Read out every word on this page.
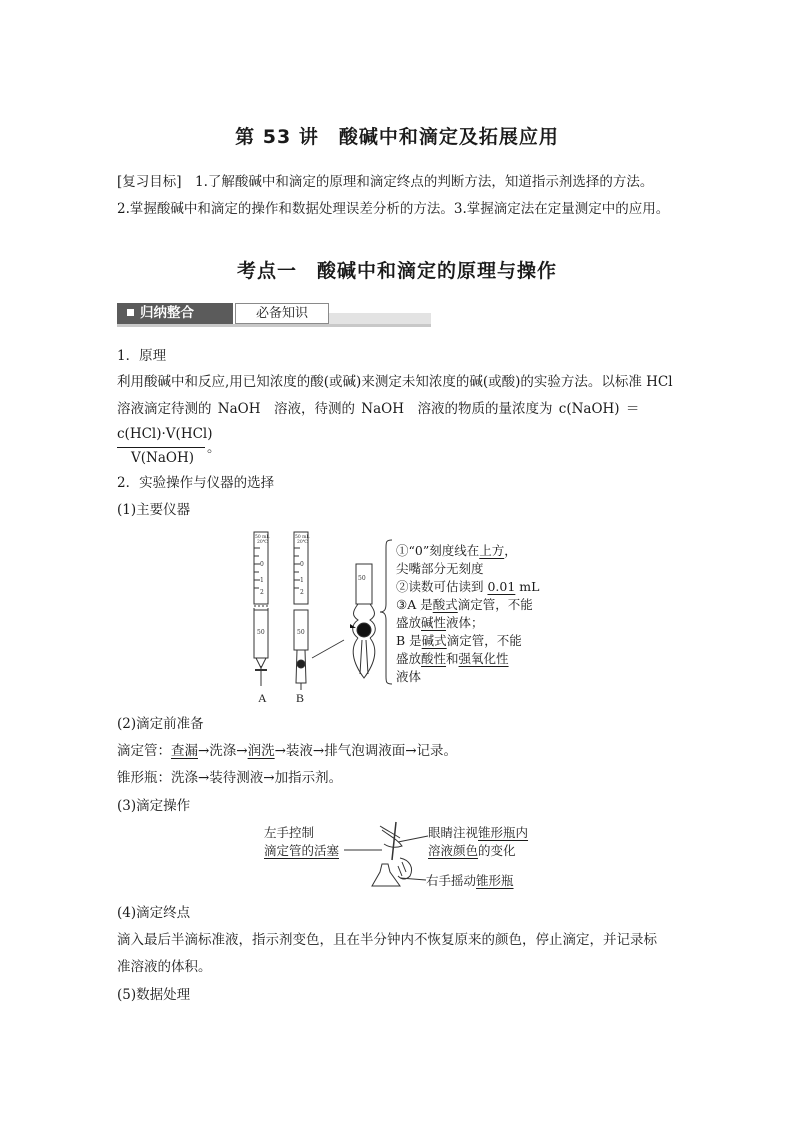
第 53 讲　酸碱中和滴定及拓展应用
[复习目标]　1.了解酸碱中和滴定的原理和滴定终点的判断方法，知道指示剂选择的方法。
2.掌握酸碱中和滴定的操作和数据处理误差分析的方法。3.掌握滴定法在定量测定中的应用。
考点一　酸碱中和滴定的原理与操作
归纳整合	必备知识
1．原理
利用酸碱中和反应,用已知浓度的酸(或碱)来测定未知浓度的碱(或酸)的实验方法。以标准 HCl
溶液滴定待测的 NaOH　溶液，待测的 NaOH　溶液的物质的量浓度为 c(NaOH) ＝
c(HCl)·V(HCl)
V(NaOH)
。
2．实验操作与仪器的选择
(1)主要仪器
50 mL
20℃
50 mL
20℃
0
1
2
0
1
2
50	50
A B
50
①“0”刻度线在上方，
尖嘴部分无刻度
②读数可估读到 0.01 mL
③A 是酸式滴定管，不能
盛放碱性液体；
B 是碱式滴定管，不能
盛放酸性和强氧化性
液体
(2)滴定前准备
滴定管：查漏→洗涤→润洗→装液→排气泡调液面→记录。
锥形瓶：洗涤→装待测液→加指示剂。
(3)滴定操作
左手控制
滴定管的活塞
眼睛注视锥形瓶内
溶液颜色的变化
右手摇动锥形瓶
(4)滴定终点
滴入最后半滴标准液，指示剂变色，且在半分钟内不恢复原来的颜色，停止滴定，并记录标
准溶液的体积。
(5)数据处理
